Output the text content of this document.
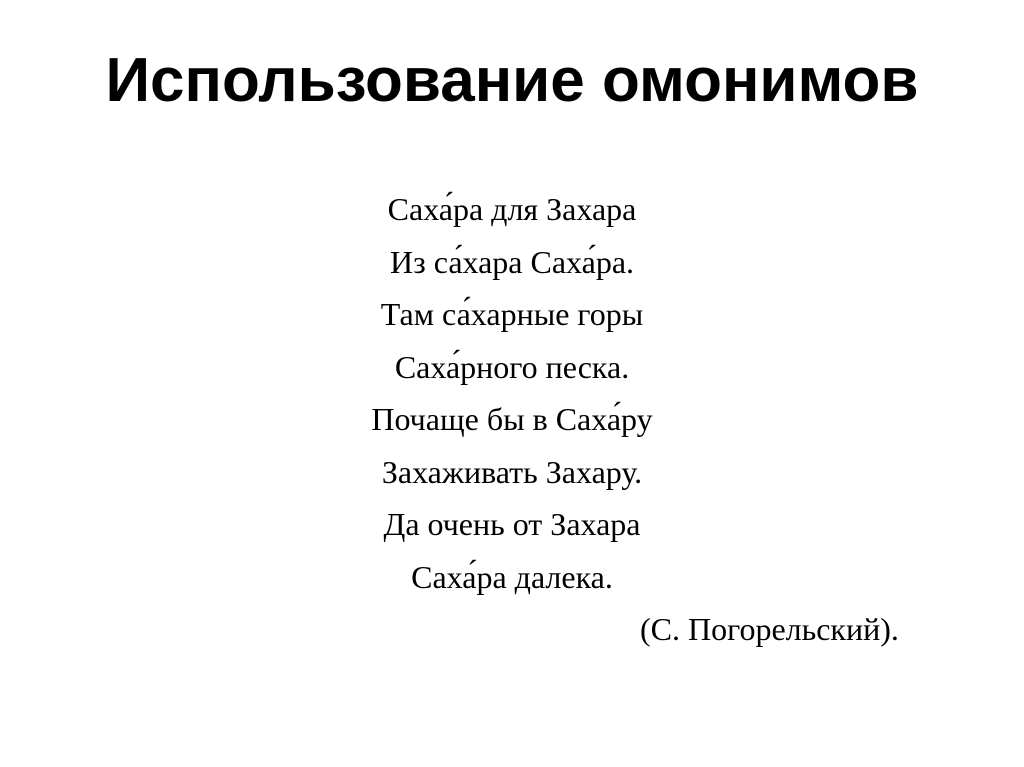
Использование омонимов

Саха́ра для Захара

Из са́хара Саха́ра.

Там са́харные горы

Саха́рного песка.

Почаще бы в Саха́ру

Захаживать Захару.

Да очень от Захара

Саха́ра далека.

(С. Погорельский).
